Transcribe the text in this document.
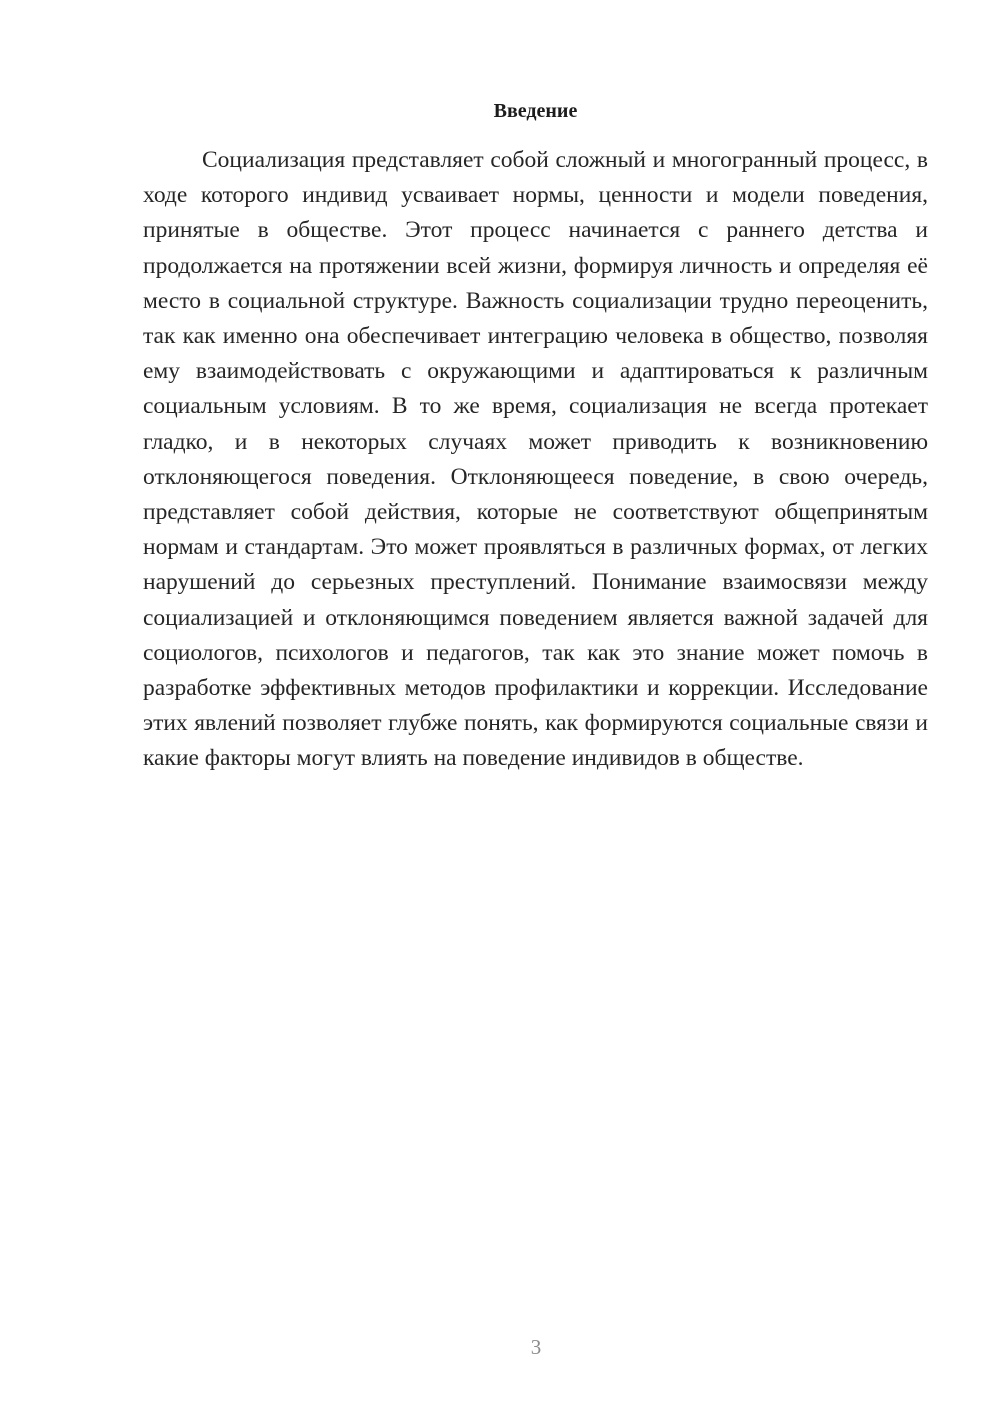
Введение

Социализация представляет собой сложный и многогранный процесс, в ходе которого индивид усваивает нормы, ценности и модели поведения, принятые в обществе. Этот процесс начинается с раннего детства и продолжается на протяжении всей жизни, формируя личность и определяя её место в социальной структуре. Важность социализации трудно переоценить, так как именно она обеспечивает интеграцию человека в общество, позволяя ему взаимодействовать с окружающими и адаптироваться к различным социальным условиям. В то же время, социализация не всегда протекает гладко, и в некоторых случаях может приводить к возникновению отклоняющегося поведения. Отклоняющееся поведение, в свою очередь, представляет собой действия, которые не соответствуют общепринятым нормам и стандартам. Это может проявляться в различных формах, от легких нарушений до серьезных преступлений. Понимание взаимосвязи между социализацией и отклоняющимся поведением является важной задачей для социологов, психологов и педагогов, так как это знание может помочь в разработке эффективных методов профилактики и коррекции. Исследование этих явлений позволяет глубже понять, как формируются социальные связи и какие факторы могут влиять на поведение индивидов в обществе.

3
